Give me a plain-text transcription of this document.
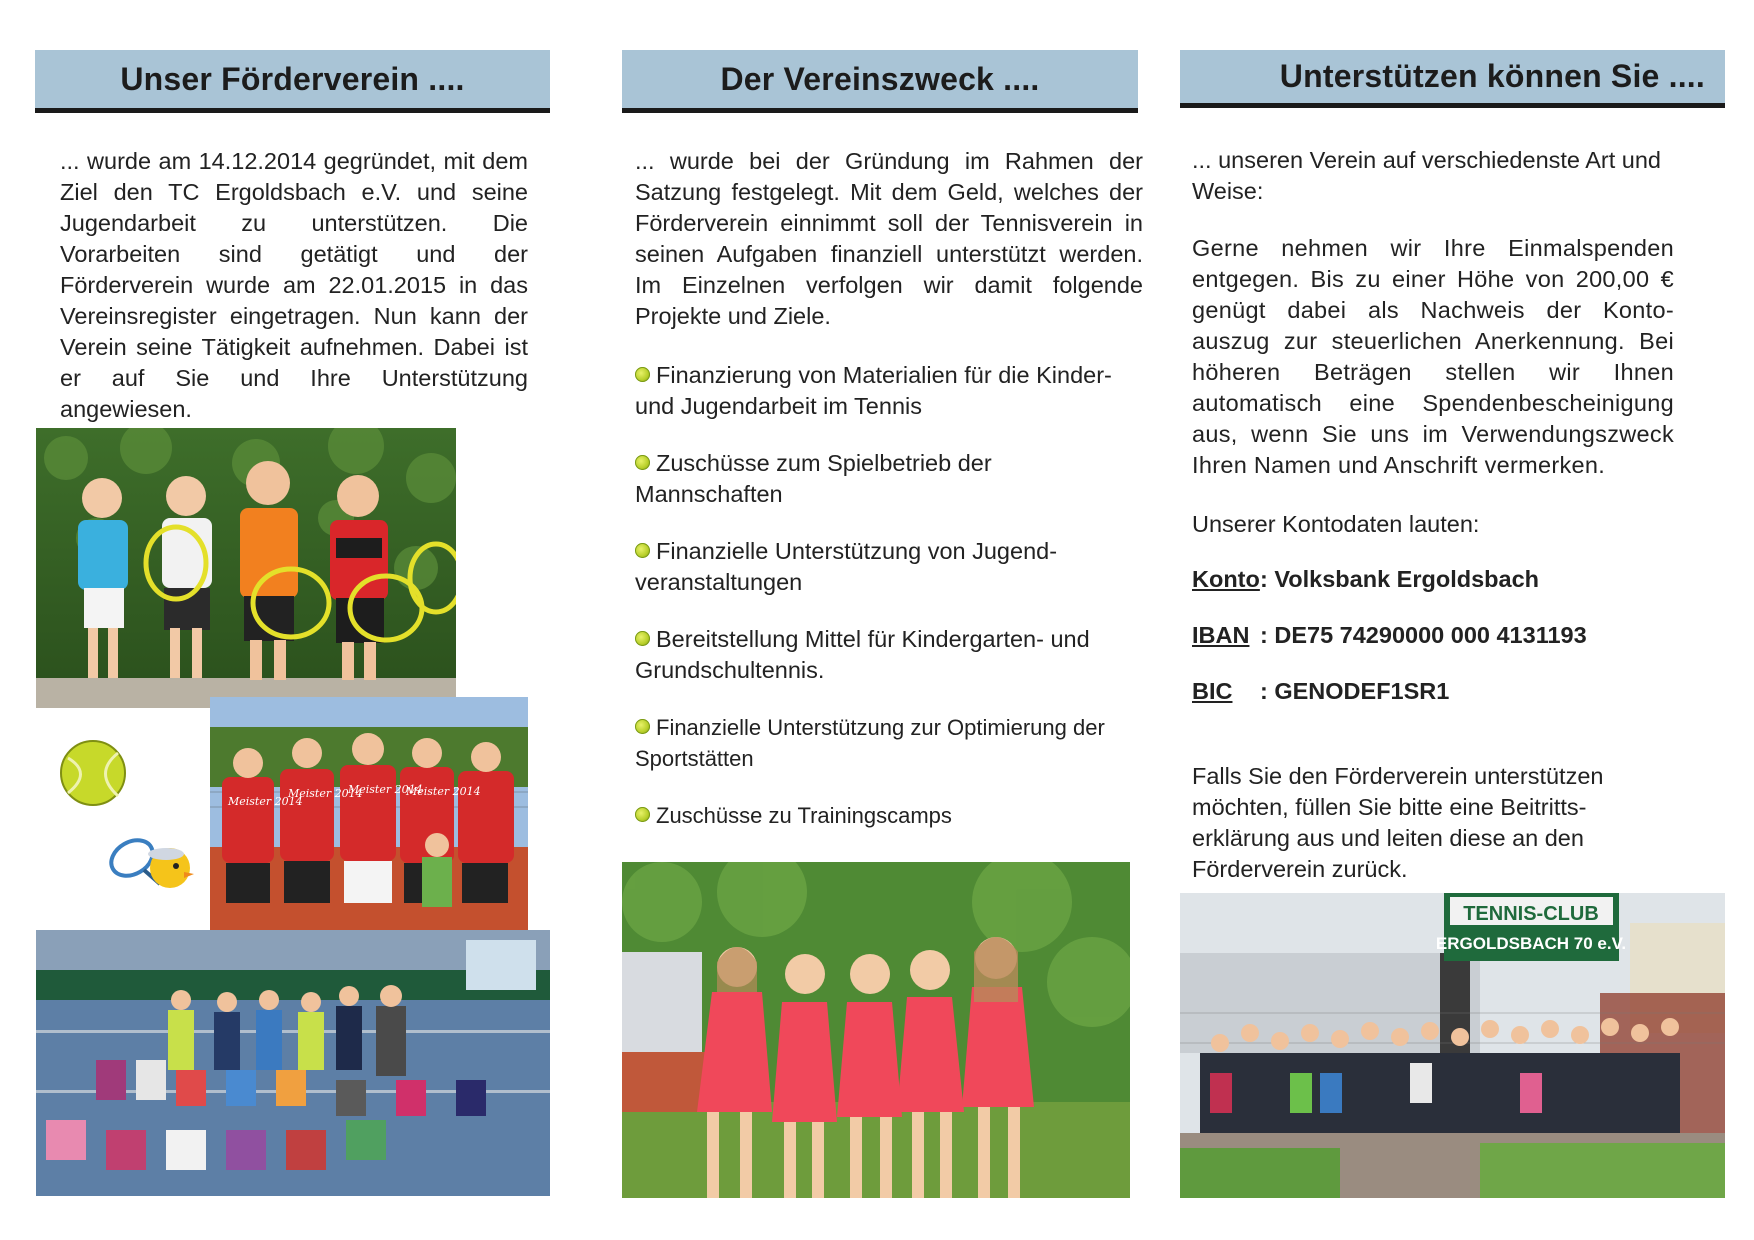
Unser Förderverein ....
... wurde am 14.12.2014 gegründet, mit dem Ziel den TC Ergoldsbach e.V. und seine Jugendarbeit zu unterstützen. Die Vorarbeiten sind getätigt und der Förderverein wurde am 22.01.2015 in das Vereinsregister eingetragen. Nun kann der Verein seine Tätigkeit aufnehmen. Dabei ist er auf Sie und Ihre Unterstützung angewiesen.
Meister 2014
Meister 2014
Meister 2014
Meister 2014
Der Vereinszweck ....
... wurde bei der Gründung im Rahmen der Satzung festgelegt. Mit dem Geld, welches der Förderverein einnimmt soll der Tennisverein in seinen Aufgaben finanziell unterstützt werden. Im Einzelnen verfolgen wir damit folgende Projekte und Ziele.
Finanzierung von Materialien für die Kinder- und Jugendarbeit im Tennis
Zuschüsse zum Spielbetrieb der Mannschaften
Finanzielle Unterstützung von Jugend-veranstaltungen
Bereitstellung Mittel für Kindergarten- und Grundschultennis.
Finanzielle Unterstützung zur Optimierung der Sportstätten
Zuschüsse zu Trainingscamps
Unterstützen können Sie ....
... unseren Verein auf verschiedenste Art und Weise:
Gerne nehmen wir Ihre Einmalspenden entgegen. Bis zu einer Höhe von 200,00 € genügt dabei als Nachweis der Konto-auszug zur steuerlichen Anerkennung. Bei höheren Beträgen stellen wir Ihnen automatisch eine Spendenbescheinigung aus, wenn Sie uns im Verwendungszweck Ihren Namen und Anschrift vermerken.
Unserer Kontodaten lauten:
Konto: Volksbank Ergoldsbach
IBAN : DE75 74290000 000 4131193
BIC : GENODEF1SR1
Falls Sie den Förderverein unterstützen möchten, füllen Sie bitte eine Beitritts-erklärung aus und leiten diese an den Förderverein zurück.
TENNIS-CLUB
ERGOLDSBACH 70 e.V.
